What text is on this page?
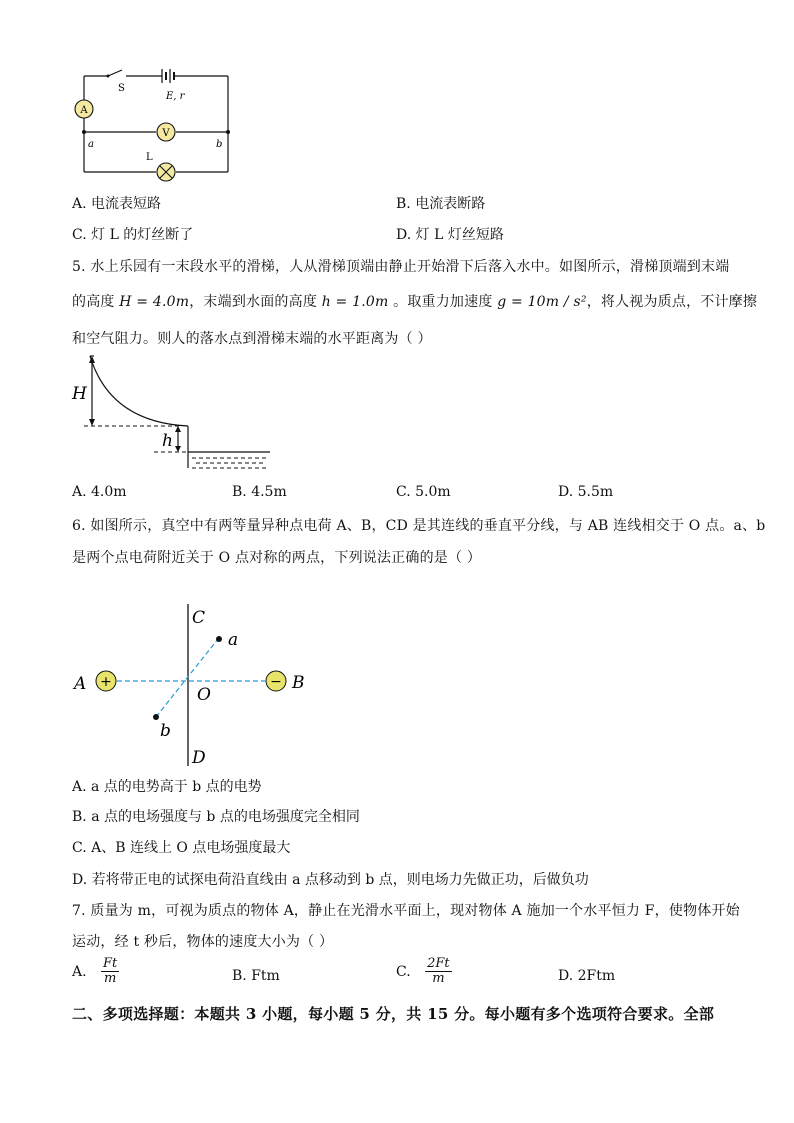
A
V
S
E, r
a	b
L
A. 电流表短路	B. 电流表断路
C. 灯 L 的灯丝断了	D. 灯 L 灯丝短路
5. 水上乐园有一末段水平的滑梯，人从滑梯顶端由静止开始滑下后落入水中。如图所示，滑梯顶端到末端
的高度 H = 4.0m，末端到水面的高度 h = 1.0m 。取重力加速度 g = 10m / s²，将人视为质点，不计摩擦
和空气阻力。则人的落水点到滑梯末端的水平距离为（ ）
H
h
A. 4.0m	B. 4.5m	C. 5.0m	D. 5.5m
6. 如图所示，真空中有两等量异种点电荷 A、B，CD 是其连线的垂直平分线，与 AB 连线相交于 O 点。a、b
是两个点电荷附近关于 O 点对称的两点，下列说法正确的是（ ）
+	−
C
D
A	B
O
a
b
A. a 点的电势高于 b 点的电势
B. a 点的电场强度与 b 点的电场强度完全相同
C. A、B 连线上 O 点电场强度最大
D. 若将带正电的试探电荷沿直线由 a 点移动到 b 点，则电场力先做正功，后做负功
7. 质量为 m，可视为质点的物体 A，静止在光滑水平面上，现对物体 A 施加一个水平恒力 F，使物体开始
运动，经 t 秒后，物体的速度大小为（ ）
A. $\frac{Ft}{m}$	B. Ftm	C. $\frac{2Ft}{m}$	D. 2Ftm
二、多项选择题：本题共 3 小题，每小题 5 分，共 15 分。每小题有多个选项符合要求。全部
